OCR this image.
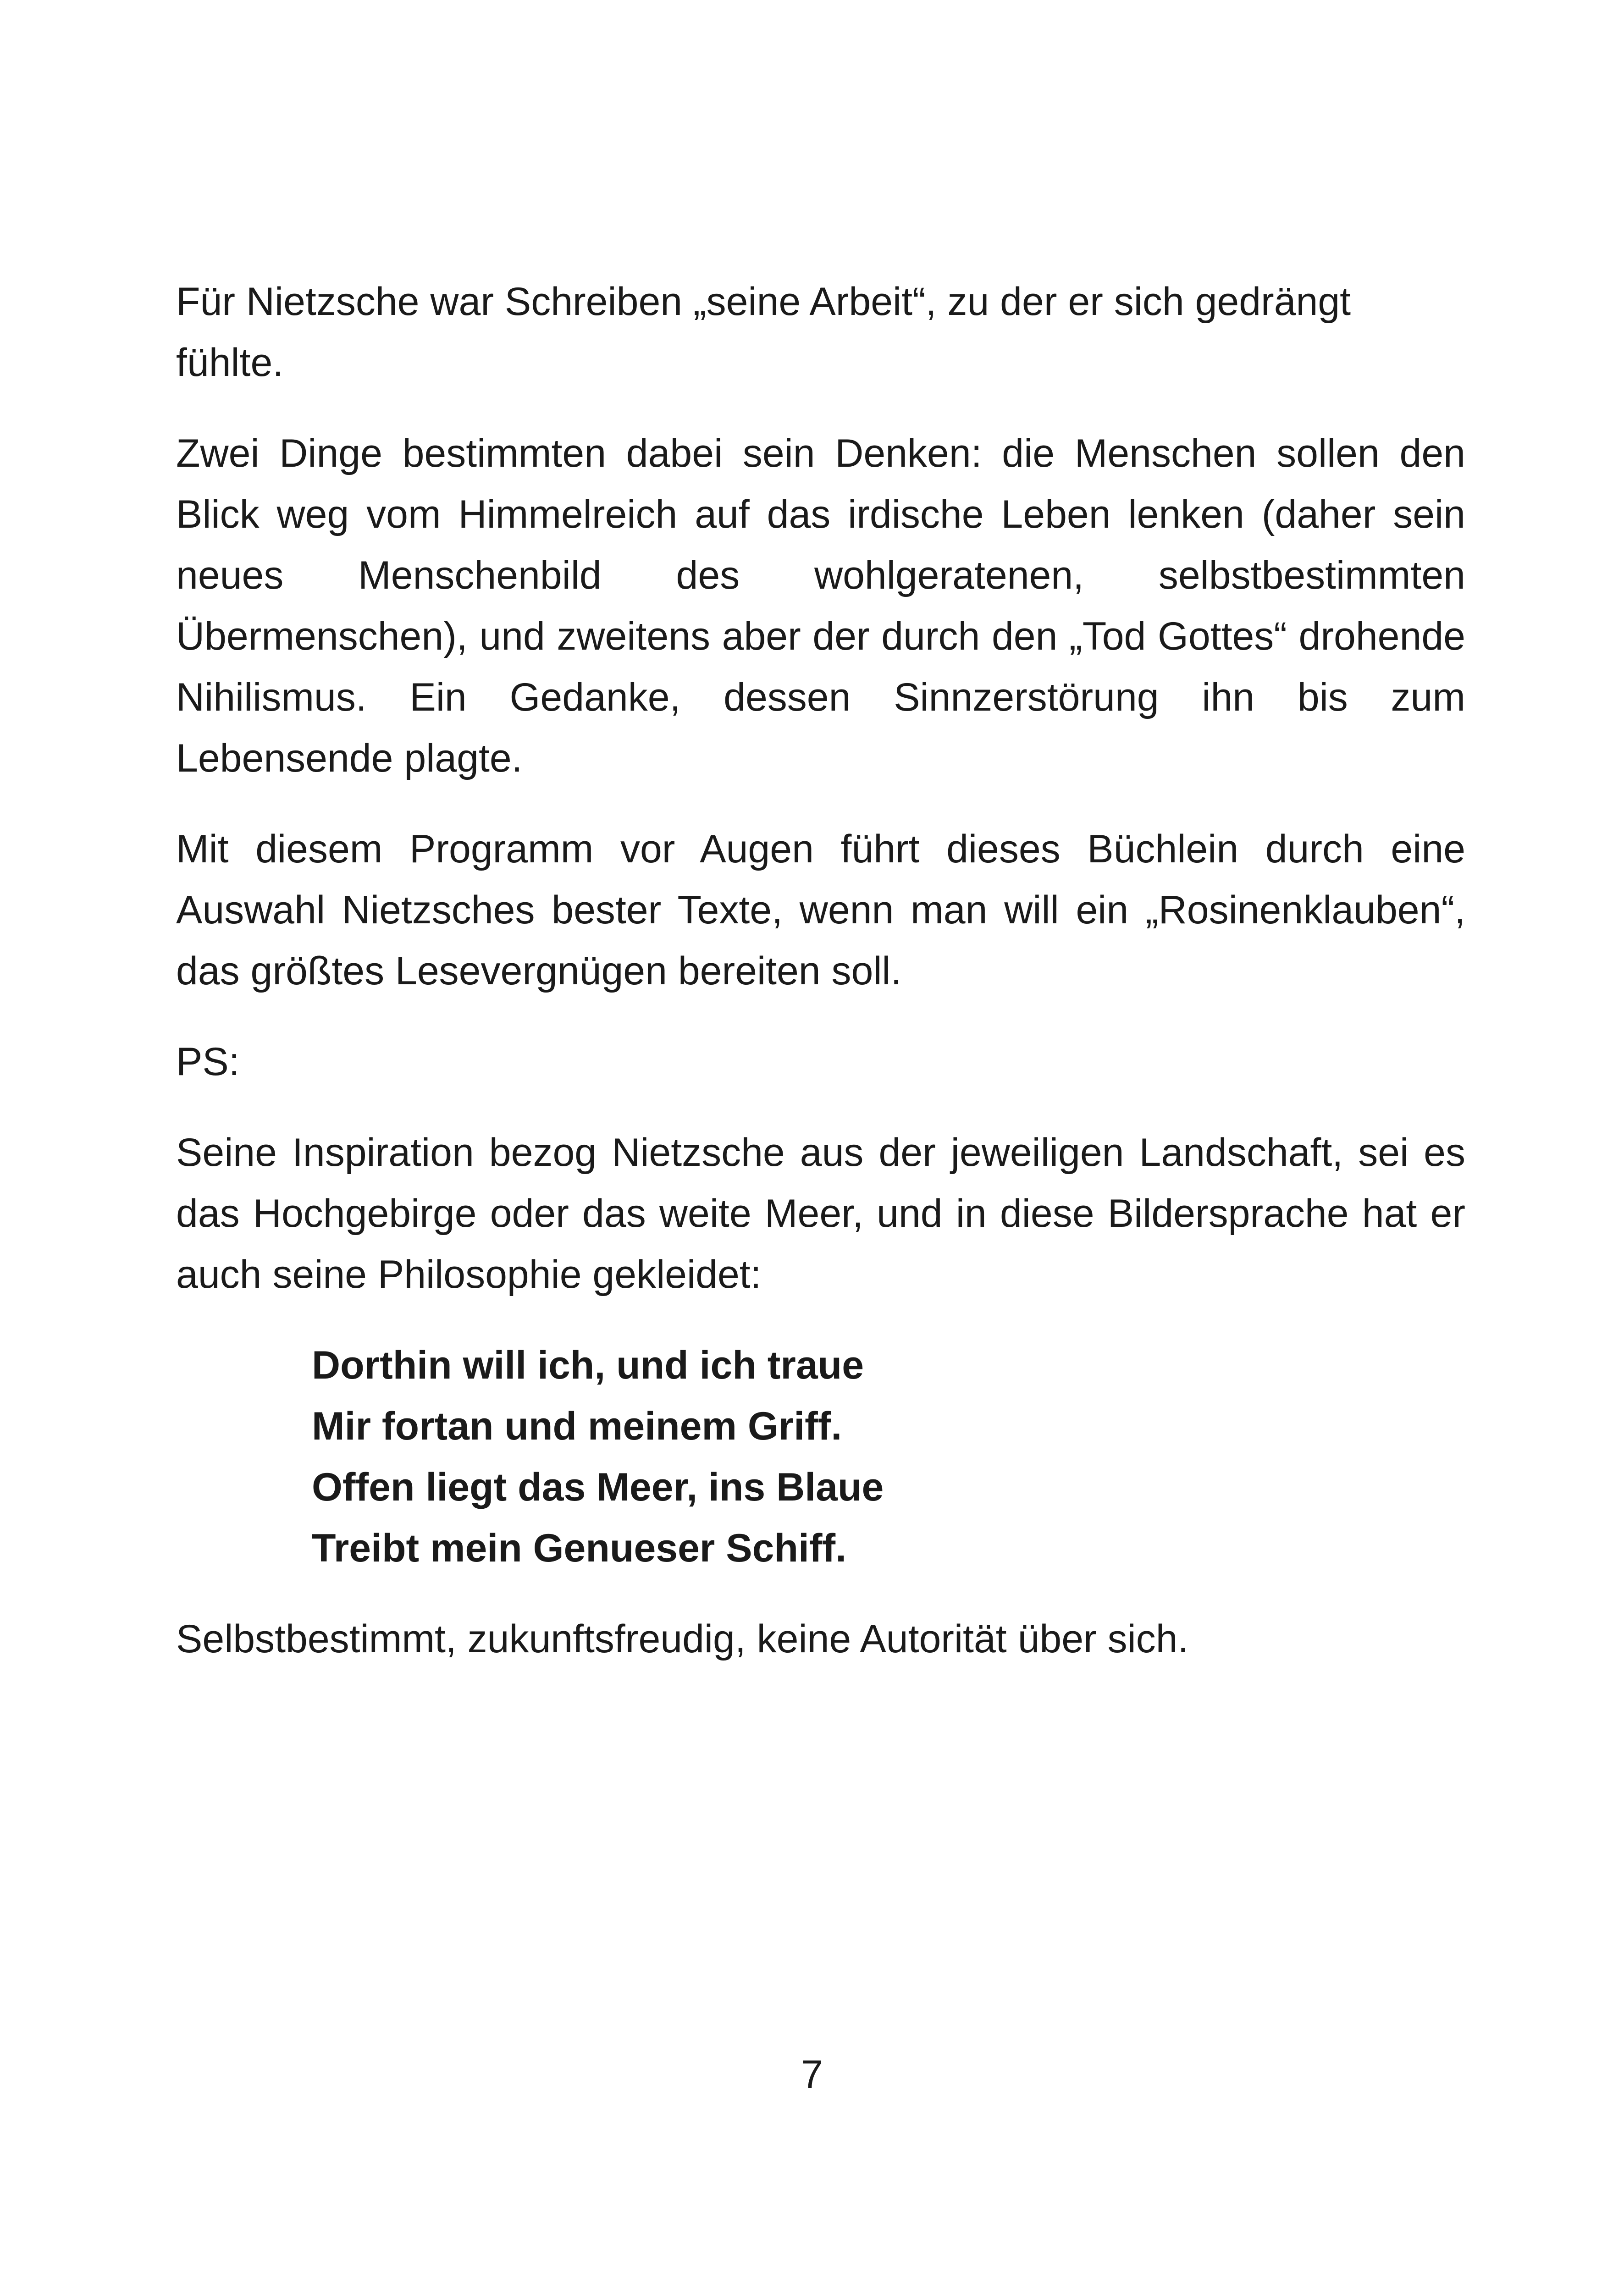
Für Nietzsche war Schreiben „seine Arbeit“, zu der er sich gedrängt fühlte.

Zwei Dinge bestimmten dabei sein Denken: die Menschen sollen den Blick weg vom Himmelreich auf das irdische Leben lenken (daher sein neues Menschenbild des wohlgeratenen, selbstbestimmten Übermenschen), und zweitens aber der durch den „Tod Gottes“ drohende Nihilismus. Ein Gedanke, dessen Sinnzerstörung ihn bis zum Lebensende plagte.

Mit diesem Programm vor Augen führt dieses Büchlein durch eine Auswahl Nietzsches bester Texte, wenn man will ein „Rosinenklauben“, das größtes Lesevergnügen bereiten soll.

PS:

Seine Inspiration bezog Nietzsche aus der jeweiligen Landschaft, sei es das Hochgebirge oder das weite Meer, und in diese Bildersprache hat er auch seine Philosophie gekleidet:

Dorthin will ich, und ich traue
Mir fortan und meinem Griff.
Offen liegt das Meer, ins Blaue
Treibt mein Genueser Schiff.

Selbstbestimmt, zukunftsfreudig, keine Autorität über sich.

7
